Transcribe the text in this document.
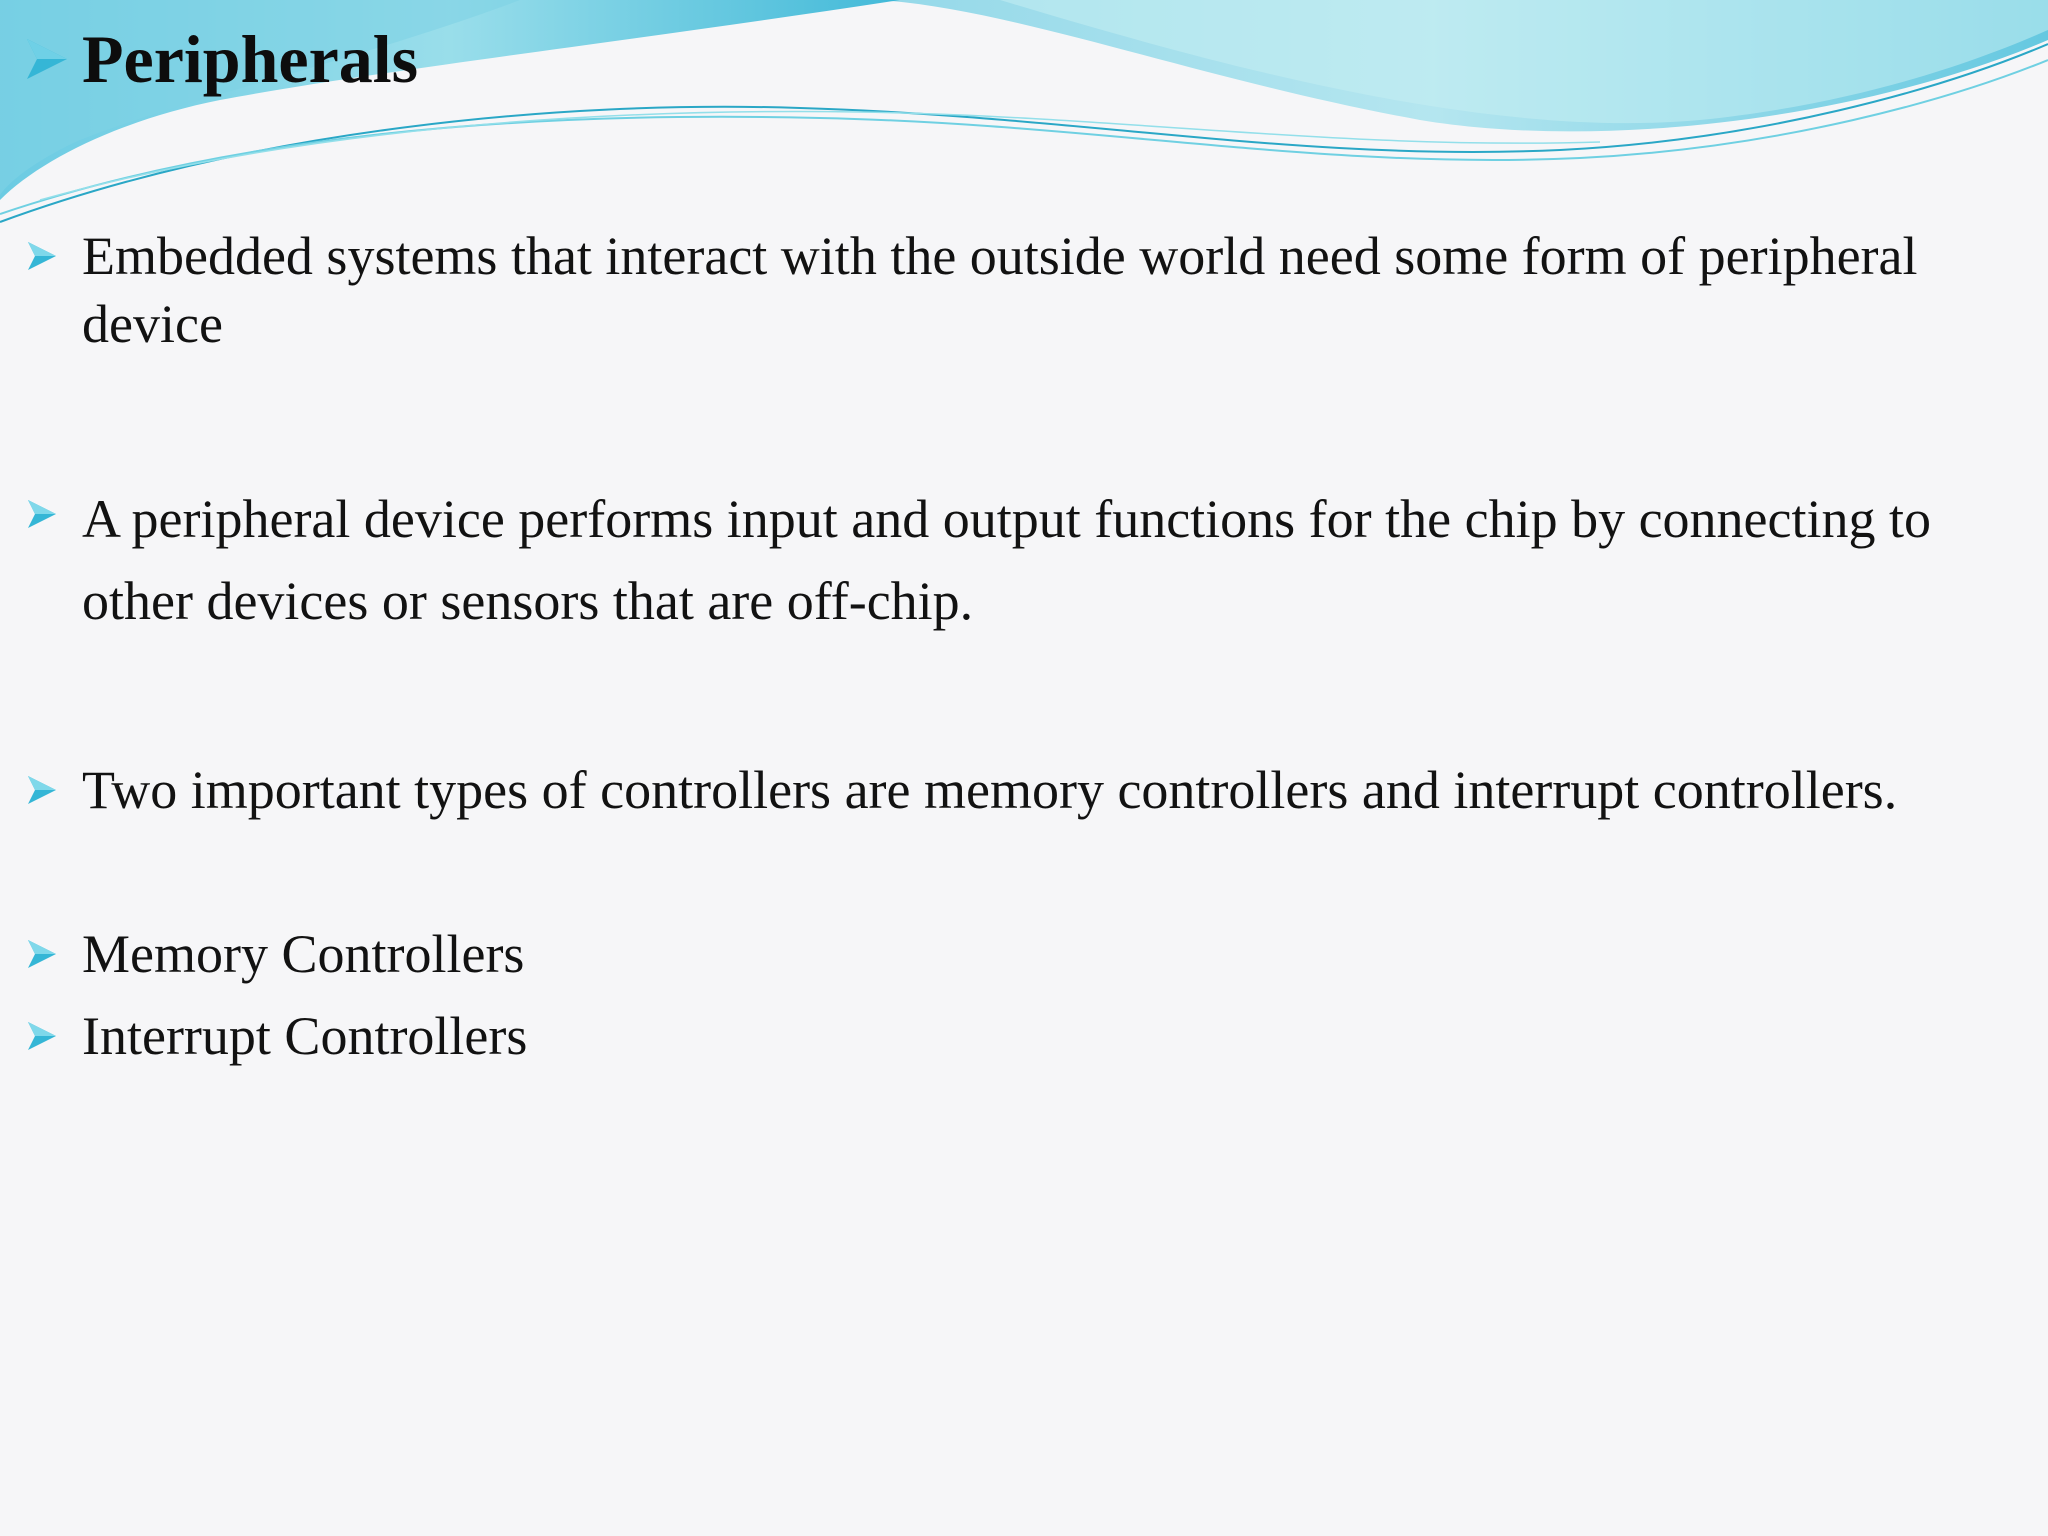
Peripherals
Embedded systems that interact with the outside world need some form of peripheral device
A peripheral device performs input and output functions for the chip by connecting to other devices or sensors that are off-chip.
Two important types of controllers are memory controllers and interrupt controllers.
Memory Controllers
Interrupt Controllers
